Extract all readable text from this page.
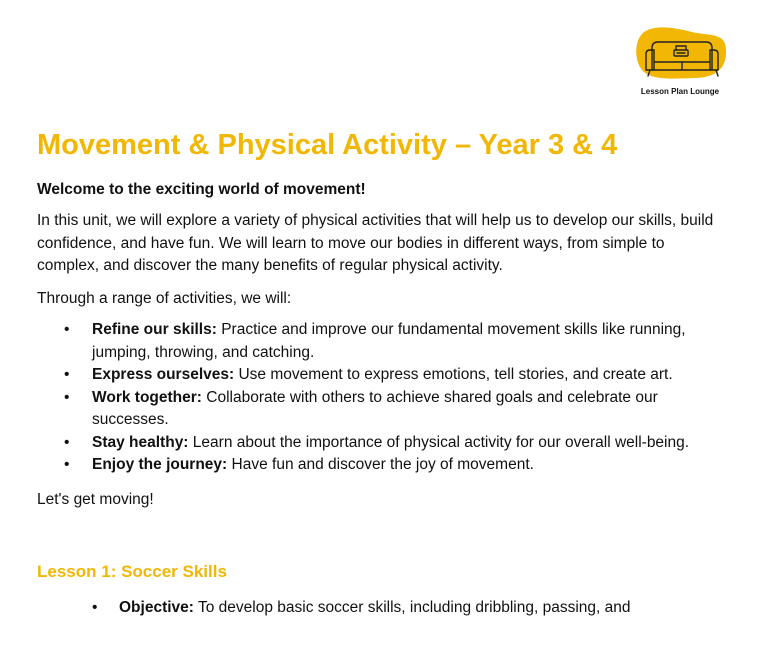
Lesson Plan Lounge
Movement & Physical Activity – Year 3 & 4

Welcome to the exciting world of movement!

In this unit, we will explore a variety of physical activities that will help us to develop our skills, build confidence, and have fun. We will learn to move our bodies in different ways, from simple to complex, and discover the many benefits of regular physical activity.

Through a range of activities, we will:

• Refine our skills: Practice and improve our fundamental movement skills like running, jumping, throwing, and catching.
• Express ourselves: Use movement to express emotions, tell stories, and create art.
• Work together: Collaborate with others to achieve shared goals and celebrate our successes.
• Stay healthy: Learn about the importance of physical activity for our overall well-being.
• Enjoy the journey: Have fun and discover the joy of movement.

Let's get moving!

Lesson 1: Soccer Skills
• Objective: To develop basic soccer skills, including dribbling, passing, and
